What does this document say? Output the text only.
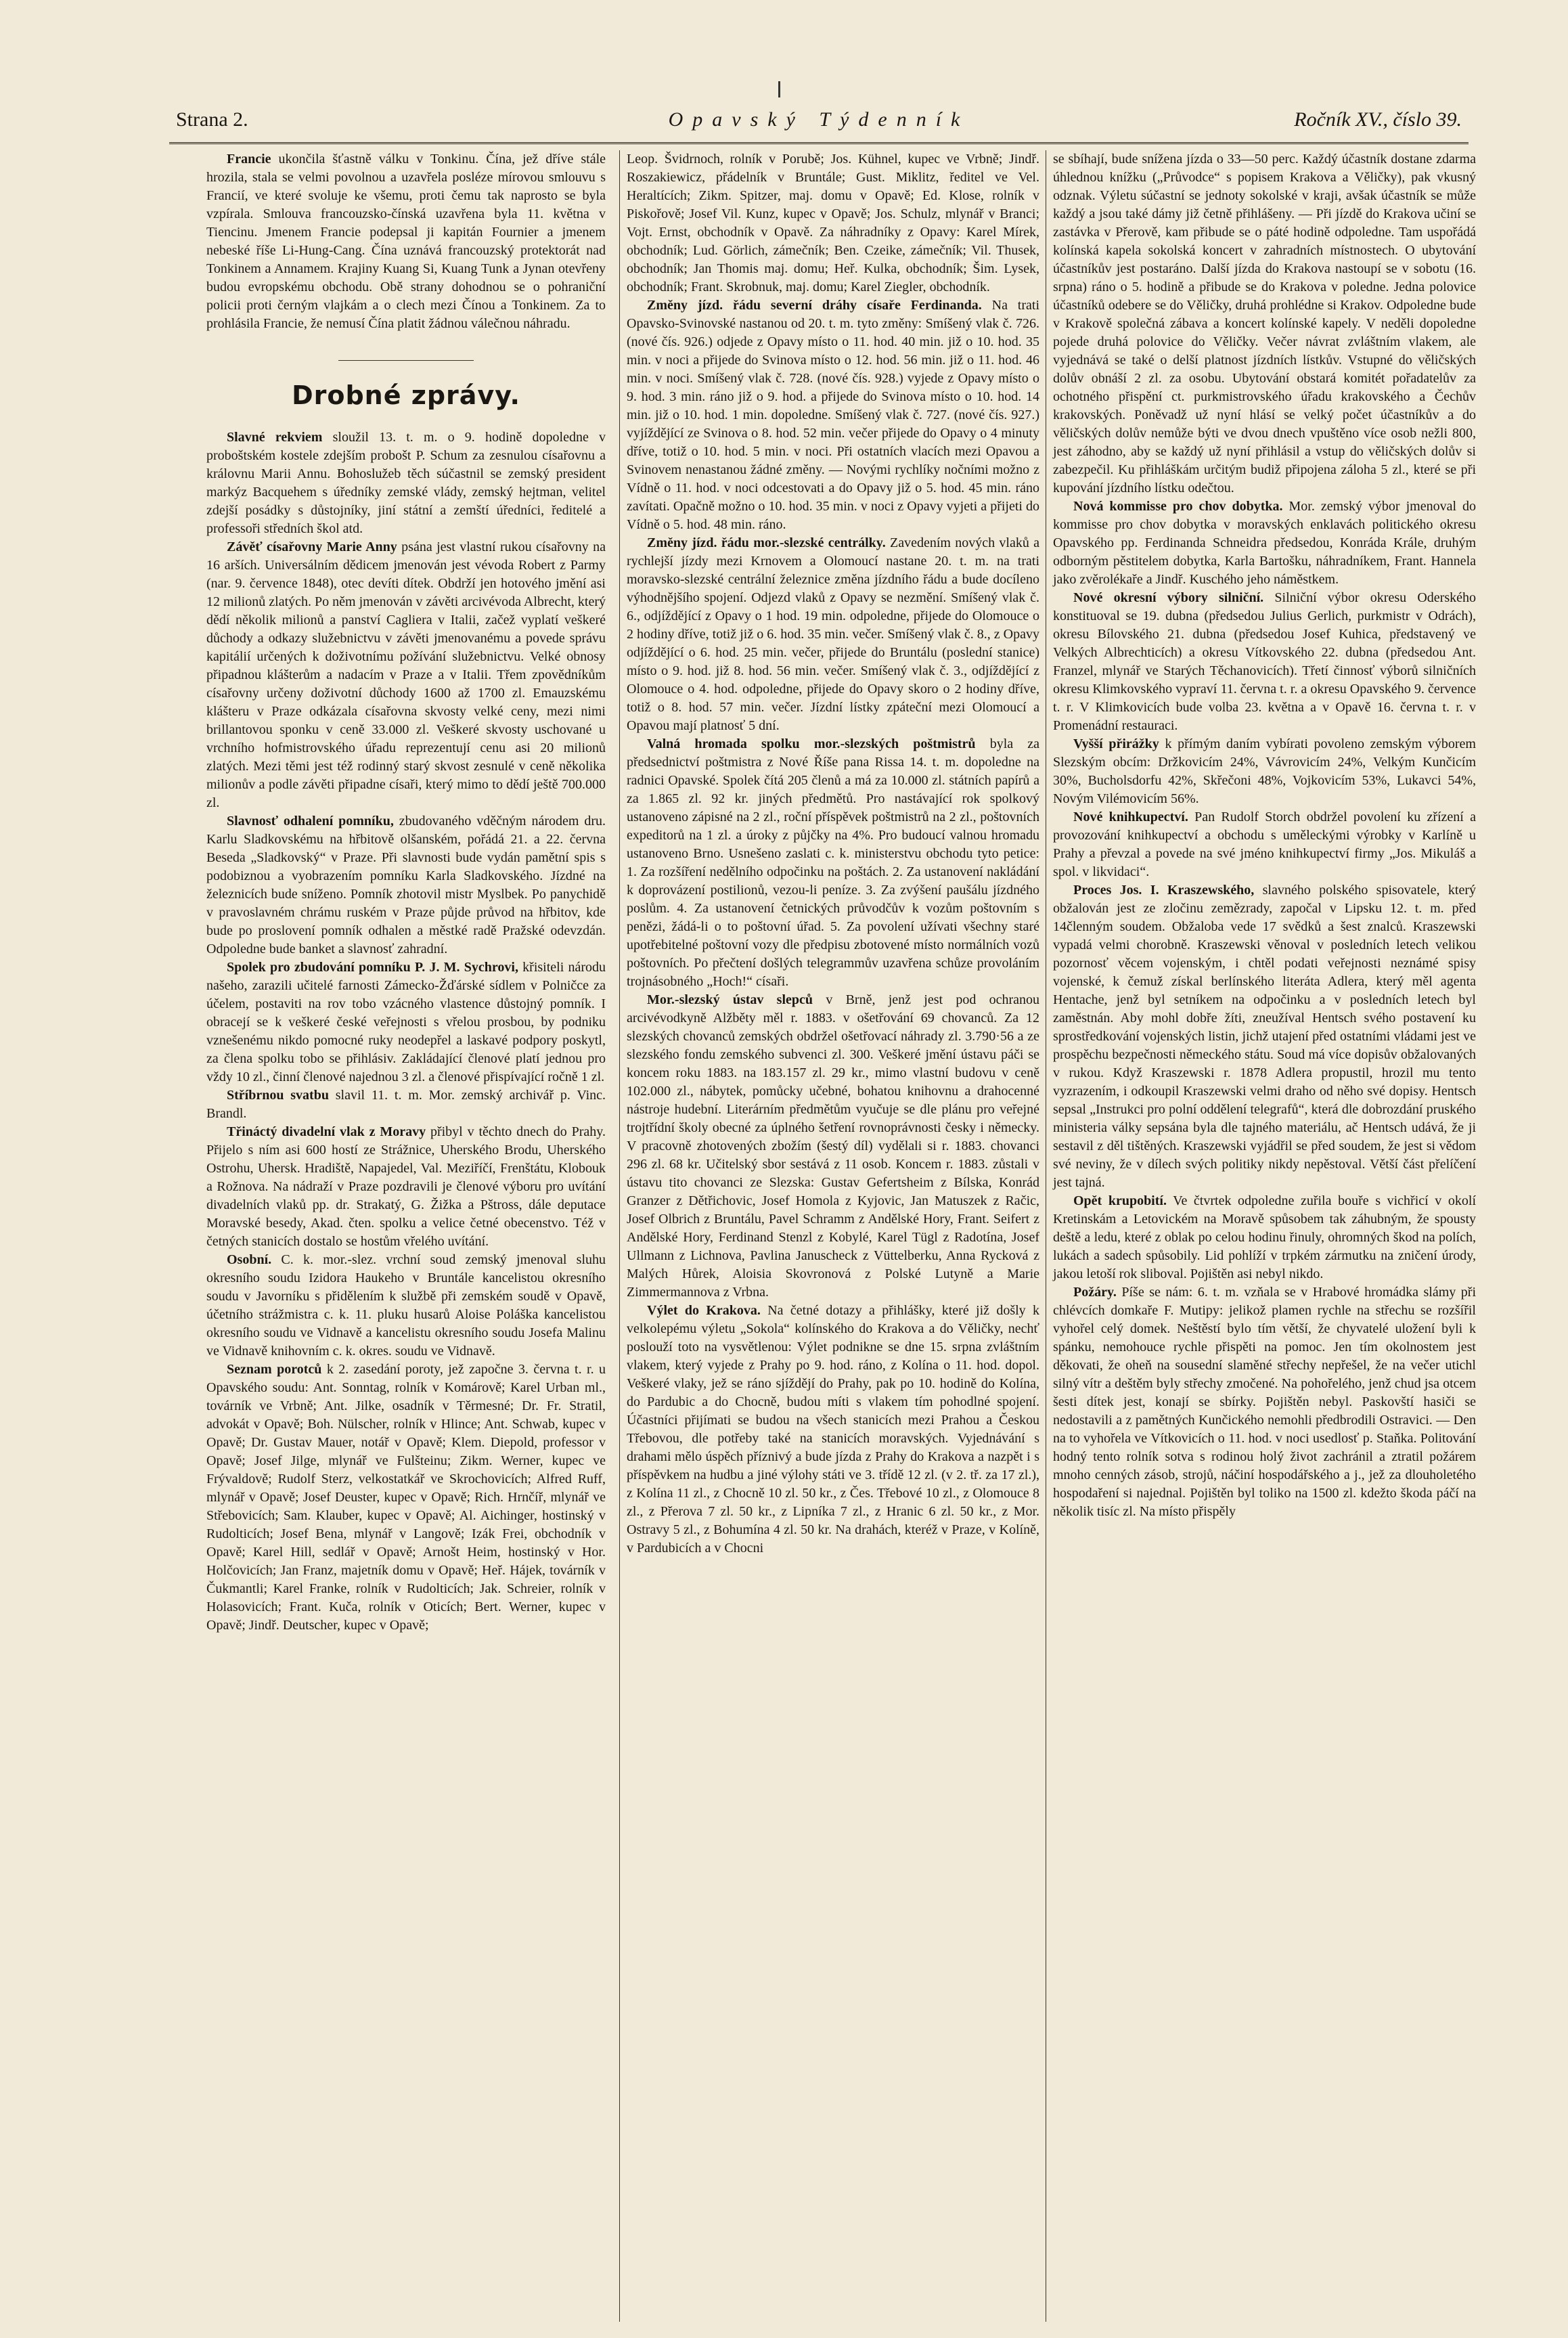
Strana 2.	Opavský Týdenník	Ročník XV., číslo 39.

Francie ukončila šťastně válku v Tonkinu. Čína, jež dříve stále hrozila, stala se velmi povolnou a uzavřela posléze mírovou smlouvu s Francií, ve které svoluje ke všemu, proti čemu tak naprosto se byla vzpírala. Smlouva francouzsko-čínská uzavřena byla 11. května v Tiencinu. Jmenem Francie podepsal ji kapitán Fournier a jmenem nebeské říše Li-Hung-Cang. Čína uznává francouzský protektorát nad Tonkinem a Annamem. Krajiny Kuang Si, Kuang Tunk a Jynan otevřeny budou evropskému obchodu. Obě strany dohodnou se o pohraniční policii proti černým vlajkám a o clech mezi Čínou a Tonkinem. Za to prohlásila Francie, že nemusí Čína platit žádnou válečnou náhradu.

Drobné zprávy.

Slavné rekviem sloužil 13. t. m. o 9. hodině dopoledne v proboštském kostele zdejším probošt P. Schum za zesnulou císařovnu a královnu Marii Annu. Bohoslužeb těch súčastnil se zemský president markýz Bacquehem s úředníky zemské vlády, zemský hejtman, velitel zdejší posádky s důstojníky, jiní státní a zemští úředníci, ředitelé a professoři středních škol atd.

Závěť císařovny Marie Anny psána jest vlastní rukou císařovny na 16 arších. Universálním dědicem jmenován jest vévoda Robert z Parmy (nar. 9. července 1848), otec devíti dítek. Obdrží jen hotového jmění asi 12 milionů zlatých. Po něm jmenován v závěti arcivévoda Albrecht, který dědí několik milionů a panství Cagliera v Italii, začež vyplatí veškeré důchody a odkazy služebnictvu v závěti jmenovanému a povede správu kapitálií určených k doživotnímu požívání služebnictvu. Velké obnosy připadnou klášterům a nadacím v Praze a v Italii. Třem zpovědníkům císařovny určeny doživotní důchody 1600 až 1700 zl. Emauzskému klášteru v Praze odkázala císařovna skvosty velké ceny, mezi nimi brillantovou sponku v ceně 33.000 zl. Veškeré skvosty uschované u vrchního hofmistrovského úřadu reprezentují cenu asi 20 milionů zlatých. Mezi těmi jest též rodinný starý skvost zesnulé v ceně několika milionův a podle závěti připadne císaři, který mimo to dědí ještě 700.000 zl.

Slavnosť odhalení pomníku, zbudovaného vděčným národem dru. Karlu Sladkovskému na hřbitově olšanském, pořádá 21. a 22. června Beseda „Sladkovský“ v Praze. Při slavnosti bude vydán pamětní spis s podobiznou a vyobrazením pomníku Karla Sladkovského. Jízdné na železnicích bude sníženo. Pomník zhotovil mistr Myslbek. Po panychidě v pravoslavném chrámu ruském v Praze půjde průvod na hřbitov, kde bude po proslovení pomník odhalen a městké radě Pražské odevzdán. Odpoledne bude banket a slavnosť zahradní.

Spolek pro zbudování pomníku P. J. M. Sychrovi, křisiteli národu našeho, zarazili učitelé farnosti Zámecko-Žďárské sídlem v Polničce za účelem, postaviti na rov tobo vzácného vlastence důstojný pomník. I obracejí se k veškeré české veřejnosti s vřelou prosbou, by podniku vznešenému nikdo pomocné ruky neodepřel a laskavé podpory poskytl, za člena spolku tobo se přihlásiv. Zakládající členové platí jednou pro vždy 10 zl., činní členové najednou 3 zl. a členové přispívající ročně 1 zl.

Stříbrnou svatbu slavil 11. t. m. Mor. zemský archivář p. Vinc. Brandl.

Třináctý divadelní vlak z Moravy přibyl v těchto dnech do Prahy. Přijelo s ním asi 600 hostí ze Strážnice, Uherského Brodu, Uherského Ostrohu, Uhersk. Hradiště, Napajedel, Val. Meziříčí, Frenštátu, Klobouk a Rožnova. Na nádraží v Praze pozdravili je členové výboru pro uvítání divadelních vlaků pp. dr. Strakatý, G. Žižka a Pštross, dále deputace Moravské besedy, Akad. čten. spolku a velice četné obecenstvo. Též v četných stanicích dostalo se hostům vřelého uvítání.

Osobní. C. k. mor.-slez. vrchní soud zemský jmenoval sluhu okresního soudu Izidora Haukeho v Bruntále kancelistou okresního soudu v Javorníku s přidělením k službě při zemském soudě v Opavě, účetního strážmistra c. k. 11. pluku husarů Aloise Poláška kancelistou okresního soudu ve Vidnavě a kancelistu okresního soudu Josefa Malinu ve Vidnavě knihovním c. k. okres. soudu ve Vidnavě.

Seznam porotců k 2. zasedání poroty, jež započne 3. června t. r. u Opavského soudu: Ant. Sonntag, rolník v Komárově; Karel Urban ml., továrník ve Vrbně; Ant. Jilke, osadník v Těrmesné; Dr. Fr. Stratil, advokát v Opavě; Boh. Nülscher, rolník v Hlince; Ant. Schwab, kupec v Opavě; Dr. Gustav Mauer, notář v Opavě; Klem. Diepold, professor v Opavě; Josef Jilge, mlynář ve Fulšteinu; Zikm. Werner, kupec ve Frývaldově; Rudolf Sterz, velkostatkář ve Skrochovicích; Alfred Ruff, mlynář v Opavě; Josef Deuster, kupec v Opavě; Rich. Hrnčíř, mlynář ve Střebovicích; Sam. Klauber, kupec v Opavě; Al. Aichinger, hostinský v Rudolticích; Josef Bena, mlynář v Langově; Izák Frei, obchodník v Opavě; Karel Hill, sedlář v Opavě; Arnošt Heim, hostinský v Hor. Holčovicích; Jan Franz, majetník domu v Opavě; Heř. Hájek, továrník v Čukmantli; Karel Franke, rolník v Rudolticích; Jak. Schreier, rolník v Holasovicích; Frant. Kuča, rolník v Oticích; Bert. Werner, kupec v Opavě; Jindř. Deutscher, kupec v Opavě;

Leop. Švidrnoch, rolník v Porubě; Jos. Kühnel, kupec ve Vrbně; Jindř. Roszakiewicz, přádelník v Bruntále; Gust. Miklitz, ředitel ve Vel. Heraltících; Zikm. Spitzer, maj. domu v Opavě; Ed. Klose, rolník v Piskořově; Josef Vil. Kunz, kupec v Opavě; Jos. Schulz, mlynář v Branci; Vojt. Ernst, obchodník v Opavě. Za náhradníky z Opavy: Karel Mírek, obchodník; Lud. Görlich, zámečník; Ben. Czeike, zámečník; Vil. Thusek, obchodník; Jan Thomis maj. domu; Heř. Kulka, obchodník; Šim. Lysek, obchodník; Frant. Skrobnuk, maj. domu; Karel Ziegler, obchodník.

Změny jízd. řádu severní dráhy císaře Ferdinanda. Na trati Opavsko-Svinovské nastanou od 20. t. m. tyto změny: Smíšený vlak č. 726. (nové čís. 926.) odjede z Opavy místo o 11. hod. 40 min. již o 10. hod. 35 min. v noci a přijede do Svinova místo o 12. hod. 56 min. již o 11. hod. 46 min. v noci. Smíšený vlak č. 728. (nové čís. 928.) vyjede z Opavy místo o 9. hod. 3 min. ráno již o 9. hod. a přijede do Svinova místo o 10. hod. 14 min. již o 10. hod. 1 min. dopoledne. Smíšený vlak č. 727. (nové čís. 927.) vyjíždějící ze Svinova o 8. hod. 52 min. večer přijede do Opavy o 4 minuty dříve, totiž o 10. hod. 5 min. v noci. Při ostatních vlacích mezi Opavou a Svinovem nenastanou žádné změny. — Novými rychlíky nočními možno z Vídně o 11. hod. v noci odcestovati a do Opavy již o 5. hod. 45 min. ráno zavítati. Opačně možno o 10. hod. 35 min. v noci z Opavy vyjeti a přijeti do Vídně o 5. hod. 48 min. ráno.

Změny jízd. řádu mor.-slezské centrálky. Zavedením nových vlaků a rychlejší jízdy mezi Krnovem a Olomoucí nastane 20. t. m. na trati moravsko-slezské centrální železnice změna jízdního řádu a bude docíleno výhodnějšího spojení. Odjezd vlaků z Opavy se nezmění. Smíšený vlak č. 6., odjíždějící z Opavy o 1 hod. 19 min. odpoledne, přijede do Olomouce o 2 hodiny dříve, totiž již o 6. hod. 35 min. večer. Smíšený vlak č. 8., z Opavy odjíždějící o 6. hod. 25 min. večer, přijede do Bruntálu (poslední stanice) místo o 9. hod. již 8. hod. 56 min. večer. Smíšený vlak č. 3., odjíždějící z Olomouce o 4. hod. odpoledne, přijede do Opavy skoro o 2 hodiny dříve, totiž o 8. hod. 57 min. večer. Jízdní lístky zpáteční mezi Olomoucí a Opavou mají platnosť 5 dní.

Valná hromada spolku mor.-slezských poštmistrů byla za předsednictví poštmistra z Nové Říše pana Rissa 14. t. m. dopoledne na radnici Opavské. Spolek čítá 205 členů a má za 10.000 zl. státních papírů a za 1.865 zl. 92 kr. jiných předmětů. Pro nastávající rok spolkový ustanoveno zápisné na 2 zl., roční příspěvek poštmistrů na 2 zl., poštovních expeditorů na 1 zl. a úroky z půjčky na 4%. Pro budoucí valnou hromadu ustanoveno Brno. Usnešeno zaslati c. k. ministerstvu obchodu tyto petice: 1. Za rozšíření nedělního odpočinku na poštách. 2. Za ustanovení nakládání k doprovázení postilionů, vezou-li peníze. 3. Za zvýšení paušálu jízdného poslům. 4. Za ustanovení četnických průvodčův k vozům poštovním s penězi, žádá-li o to poštovní úřad. 5. Za povolení užívati všechny staré upotřebitelné poštovní vozy dle předpisu zbotovené místo normálních vozů poštovních. Po přečtení došlých telegrammův uzavřena schůze provoláním trojnásobného „Hoch!“ císaři.

Mor.-slezský ústav slepců v Brně, jenž jest pod ochranou arcivévodkyně Alžběty měl r. 1883. v ošetřování 69 chovanců. Za 12 slezských chovanců zemských obdržel ošetřovací náhrady zl. 3.790·56 a ze slezského fondu zemského subvenci zl. 300. Veškeré jmění ústavu páči se koncem roku 1883. na 183.157 zl. 29 kr., mimo vlastní budovu v ceně 102.000 zl., nábytek, pomůcky učebné, bohatou knihovnu a drahocenné nástroje hudební. Literárním předmětům vyučuje se dle plánu pro veřejné trojtřídní školy obecné za úplného šetření rovnoprávnosti česky i německy. V pracovně zhotovených zbožím (šestý díl) vydělali si r. 1883. chovanci 296 zl. 68 kr. Učitelský sbor sestává z 11 osob. Koncem r. 1883. zůstali v ústavu tito chovanci ze Slezska: Gustav Gefertsheim z Bílska, Konrád Granzer z Dětřichovic, Josef Homola z Kyjovic, Jan Matuszek z Račic, Josef Olbrich z Bruntálu, Pavel Schramm z Andělské Hory, Frant. Seifert z Andělské Hory, Ferdinand Stenzl z Kobylé, Karel Tügl z Radotína, Josef Ullmann z Lichnova, Pavlina Januscheck z Vüttelberku, Anna Rycková z Malých Hůrek, Aloisia Skovronová z Polské Lutyně a Marie Zimmermannova z Vrbna.

Výlet do Krakova. Na četné dotazy a přihlášky, které již došly k velkolepému výletu „Sokola“ kolínského do Krakova a do Věličky, nechť poslouží toto na vysvětlenou: Výlet podnikne se dne 15. srpna zvláštním vlakem, který vyjede z Prahy po 9. hod. ráno, z Kolína o 11. hod. dopol. Veškeré vlaky, jež se ráno sjíždějí do Prahy, pak po 10. hodině do Kolína, do Pardubic a do Chocně, budou míti s vlakem tím pohodlné spojení. Účastníci přijímati se budou na všech stanicích mezi Prahou a Českou Třebovou, dle potřeby také na stanicích moravských. Vyjednávání s drahami mělo úspěch příznivý a bude jízda z Prahy do Krakova a nazpět i s příspěvkem na hudbu a jiné výlohy státi ve 3. třídě 12 zl. (v 2. tř. za 17 zl.), z Kolína 11 zl., z Chocně 10 zl. 50 kr., z Čes. Třebové 10 zl., z Olomouce 8 zl., z Přerova 7 zl. 50 kr., z Lipníka 7 zl., z Hranic 6 zl. 50 kr., z Mor. Ostravy 5 zl., z Bohumína 4 zl. 50 kr. Na drahách, kteréž v Praze, v Kolíně, v Pardubicích a v Chocni

se sbíhají, bude snížena jízda o 33—50 perc. Každý účastník dostane zdarma úhlednou knížku („Průvodce“ s popisem Krakova a Věličky), pak vkusný odznak. Výletu súčastní se jednoty sokolské v kraji, avšak účastník se může každý a jsou také dámy již četně přihlášeny. — Při jízdě do Krakova učiní se zastávka v Přerově, kam přibude se o páté hodině odpoledne. Tam uspořádá kolínská kapela sokolská koncert v zahradních místnostech. O ubytování účastníkův jest postaráno. Další jízda do Krakova nastoupí se v sobotu (16. srpna) ráno o 5. hodině a přibude se do Krakova v poledne. Jedna polovice účastníků odebere se do Věličky, druhá prohlédne si Krakov. Odpoledne bude v Krakově společná zábava a koncert kolínské kapely. V neděli dopoledne pojede druhá polovice do Věličky. Večer návrat zvláštním vlakem, ale vyjednává se také o delší platnost jízdních lístkův. Vstupné do věličských dolův obnáší 2 zl. za osobu. Ubytování obstará komitét pořadatelův za ochotného přispění ct. purkmistrovského úřadu krakovského a Čechův krakovských. Poněvadž už nyní hlásí se velký počet účastníkův a do věličských dolův nemůže býti ve dvou dnech vpuštěno více osob nežli 800, jest záhodno, aby se každý už nyní přihlásil a vstup do věličských dolův si zabezpečil. Ku přihláškám určitým budiž připojena záloha 5 zl., které se při kupování jízdního lístku odečtou.

Nová kommisse pro chov dobytka. Mor. zemský výbor jmenoval do kommisse pro chov dobytka v moravských enklavách politického okresu Opavského pp. Ferdinanda Schneidra předsedou, Konráda Krále, druhým odborným pěstitelem dobytka, Karla Bartošku, náhradníkem, Frant. Hannela jako zvěrolékaře a Jindř. Kuschého jeho náměstkem.

Nové okresní výbory silniční. Silniční výbor okresu Oderského konstituoval se 19. dubna (předsedou Julius Gerlich, purkmistr v Odrách), okresu Bílovského 21. dubna (předsedou Josef Kuhica, představený ve Velkých Albrechticích) a okresu Vítkovského 22. dubna (předsedou Ant. Franzel, mlynář ve Starých Těchanovicích). Třetí činnosť výborů silničních okresu Klimkovského vypraví 11. června t. r. a okresu Opavského 9. července t. r. V Klimkovicích bude volba 23. května a v Opavě 16. června t. r. v Promenádní restauraci.

Vyšší přirážky k přímým daním vybírati povoleno zemským výborem Slezským obcím: Držkovicím 24%, Vávrovicím 24%, Velkým Kunčicím 30%, Bucholsdorfu 42%, Skřečoni 48%, Vojkovicím 53%, Lukavci 54%, Novým Vilémovicím 56%.

Nové knihkupectví. Pan Rudolf Storch obdržel povolení ku zřízení a provozování knihkupectví a obchodu s uměleckými výrobky v Karlíně u Prahy a převzal a povede na své jméno knihkupectví firmy „Jos. Mikuláš a spol. v likvidaci“.

Proces Jos. I. Kraszewského, slavného polského spisovatele, který obžalován jest ze zločinu zemězrady, započal v Lipsku 12. t. m. před 14členným soudem. Obžaloba vede 17 svědků a šest znalců. Kraszewski vypadá velmi chorobně. Kraszewski věnoval v posledních letech velikou pozornosť věcem vojenským, i chtěl podati veřejnosti neznámé spisy vojenské, k čemuž získal berlínského literáta Adlera, který měl agenta Hentache, jenž byl setníkem na odpočinku a v posledních letech byl zaměstnán. Aby mohl dobře žíti, zneužíval Hentsch svého postavení ku sprostředkování vojenských listin, jichž utajení před ostatními vládami jest ve prospěchu bezpečnosti německého státu. Soud má více dopisův obžalovaných v rukou. Když Kraszewski r. 1878 Adlera propustil, hrozil mu tento vyzrazením, i odkoupil Kraszewski velmi draho od něho své dopisy. Hentsch sepsal „Instrukci pro polní oddělení telegrafů“, která dle dobrozdání pruského ministeria války sepsána byla dle tajného materiálu, ač Hentsch udává, že ji sestavil z děl tištěných. Kraszewski vyjádřil se před soudem, že jest si vědom své neviny, že v dílech svých politiky nikdy nepěstoval. Větší část přelíčení jest tajná.

Opět krupobití. Ve čtvrtek odpoledne zuřila bouře s vichřicí v okolí Kretinskám a Letovickém na Moravě spůsobem tak záhubným, že spousty deště a ledu, které z oblak po celou hodinu řinuly, ohromných škod na polích, lukách a sadech spůsobily. Lid pohlíží v trpkém zármutku na zničení úrody, jakou letoší rok sliboval. Pojištěn asi nebyl nikdo.

Požáry. Píše se nám: 6. t. m. vzňala se v Hrabové hromádka slámy při chlévcích domkaře F. Mutipy: jelikož plamen rychle na střechu se rozšířil vyhořel celý domek. Neštěstí bylo tím větší, že chyvatelé uložení byli k spánku, nemohouce rychle přispěti na pomoc. Jen tím okolnostem jest děkovati, že oheň na sousední slaměné střechy nepřešel, že na večer utichl silný vítr a deštěm byly střechy zmočené. Na pohořelého, jenž chud jsa otcem šesti dítek jest, konají se sbírky. Pojištěn nebyl. Paskovští hasiči se nedostavili a z pamětných Kunčického nemohli předbrodili Ostravici. — Den na to vyhořela ve Vítkovicích o 11. hod. v noci usedlosť p. Staňka. Politování hodný tento rolník sotva s rodinou holý život zachránil a ztratil požárem mnoho cenných zásob, strojů, náčiní hospodářského a j., jež za dlouholetého hospodaření si najednal. Pojištěn byl toliko na 1500 zl. kdežto škoda páčí na několik tisíc zl. Na místo přispěly
